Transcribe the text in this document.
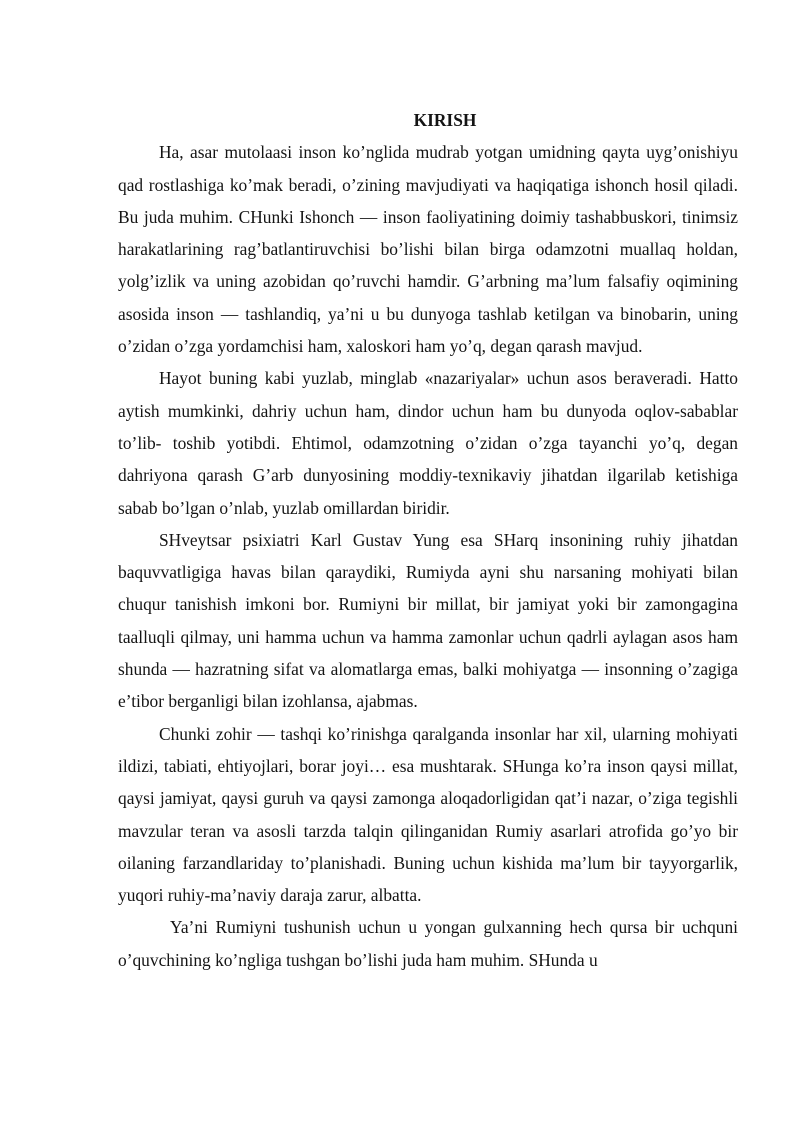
KIRISH

Ha, asar mutolaasi inson ko’nglida mudrab yotgan umidning qayta uyg’onishiyu qad rostlashiga ko’mak beradi, o’zining mavjudiyati va haqiqatiga ishonch hosil qiladi. Bu juda muhim. CHunki Ishonch — inson faoliyatining doimiy tashabbuskori, tinimsiz harakatlarining rag’batlantiruvchisi bo’lishi bilan birga odamzotni muallaq holdan, yolg’izlik va uning azobidan qo’ruvchi hamdir. G’arbning ma’lum falsafiy oqimining asosida inson — tashlandiq, ya’ni u bu dunyoga tashlab ketilgan va binobarin, uning o’zidan o’zga yordamchisi ham, xaloskori ham yo’q, degan qarash mavjud.

Hayot buning kabi yuzlab, minglab «nazariyalar» uchun asos beraveradi. Hatto aytish mumkinki, dahriy uchun ham, dindor uchun ham bu dunyoda oqlov-sabablar to’lib- toshib yotibdi. Ehtimol, odamzotning o’zidan o’zga tayanchi yo’q, degan dahriyona qarash G’arb dunyosining moddiy-texnikaviy jihatdan ilgarilab ketishiga sabab bo’lgan o’nlab, yuzlab omillardan biridir.

SHveytsar psixiatri Karl Gustav Yung esa SHarq insonining ruhiy jihatdan baquvvatligiga havas bilan qaraydiki, Rumiyda ayni shu narsaning mohiyati bilan chuqur tanishish imkoni bor. Rumiyni bir millat, bir jamiyat yoki bir zamongagina taalluqli qilmay, uni hamma uchun va hamma zamonlar uchun qadrli aylagan asos ham shunda — hazratning sifat va alomatlarga emas, balki mohiyatga — insonning o’zagiga e’tibor berganligi bilan izohlansa, ajabmas.

Chunki zohir — tashqi ko’rinishga qaralganda insonlar har xil, ularning mohiyati ildizi, tabiati, ehtiyojlari, borar joyi… esa mushtarak. SHunga ko’ra inson qaysi millat, qaysi jamiyat, qaysi guruh va qaysi zamonga aloqadorligidan qat’i nazar, o’ziga tegishli mavzular teran va asosli tarzda talqin qilinganidan Rumiy asarlari atrofida go’yo bir oilaning farzandlariday to’planishadi. Buning uchun kishida ma’lum bir tayyorgarlik, yuqori ruhiy-ma’naviy daraja zarur, albatta.

Ya’ni Rumiyni tushunish uchun u yongan gulxanning hech qursa bir uchquni o’quvchining ko’ngliga tushgan bo’lishi juda ham muhim. SHunda u
